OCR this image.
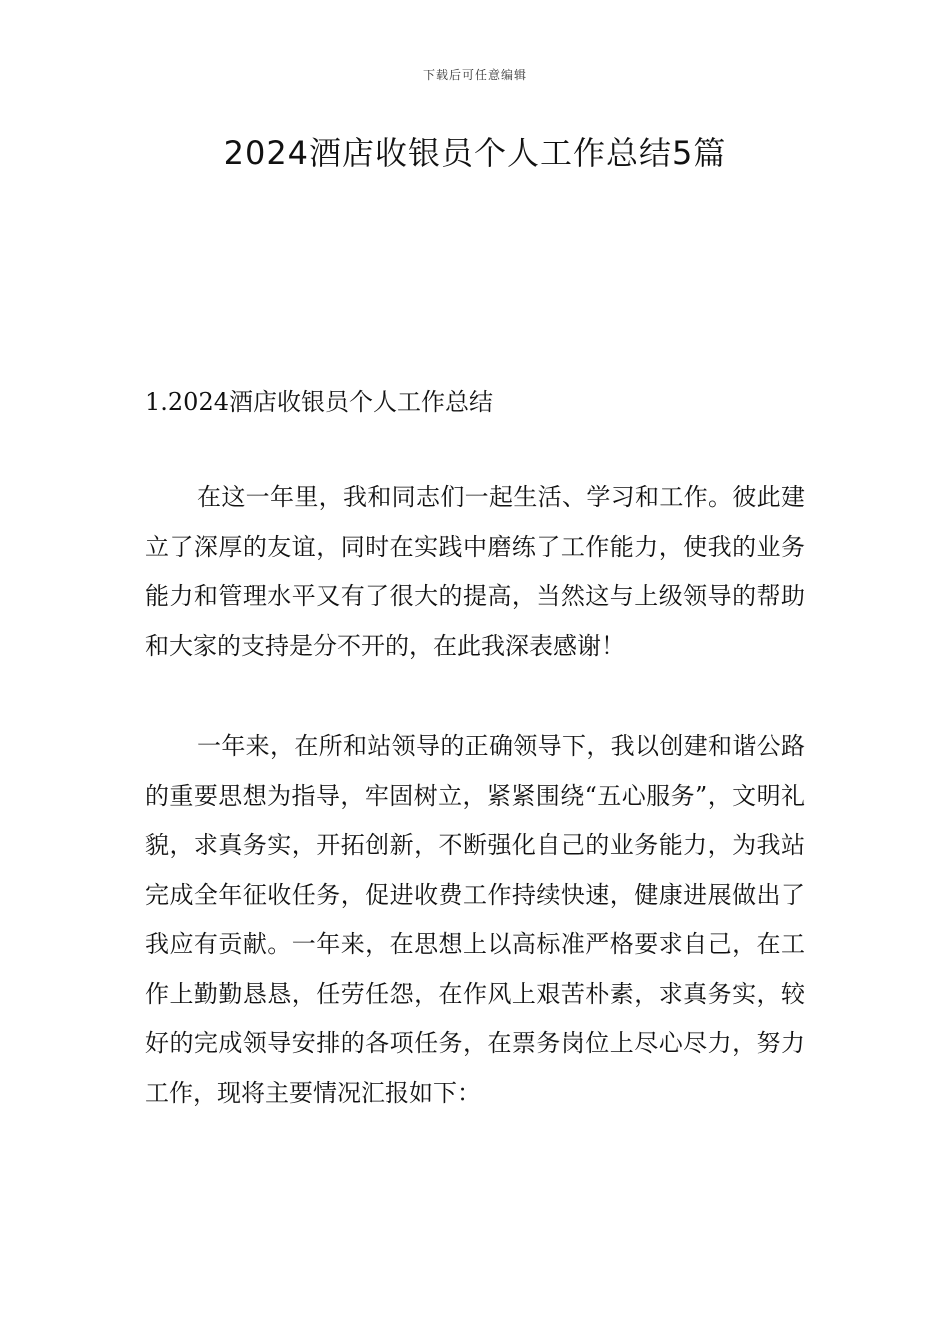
下载后可任意编辑
2024酒店收银员个人工作总结5篇
1.2024酒店收银员个人工作总结

在这一年里，我和同志们一起生活、学习和工作。彼此建立了深厚的友谊，同时在实践中磨练了工作能力，使我的业务能力和管理水平又有了很大的提高，当然这与上级领导的帮助和大家的支持是分不开的，在此我深表感谢！

一年来，在所和站领导的正确领导下，我以创建和谐公路的重要思想为指导，牢固树立，紧紧围绕“五心服务”，文明礼貌，求真务实，开拓创新，不断强化自己的业务能力，为我站完成全年征收任务，促进收费工作持续快速，健康进展做出了我应有贡献。一年来，在思想上以高标准严格要求自己，在工作上勤勤恳恳，任劳任怨，在作风上艰苦朴素，求真务实，较好的完成领导安排的各项任务，在票务岗位上尽心尽力，努力工作，现将主要情况汇报如下：
